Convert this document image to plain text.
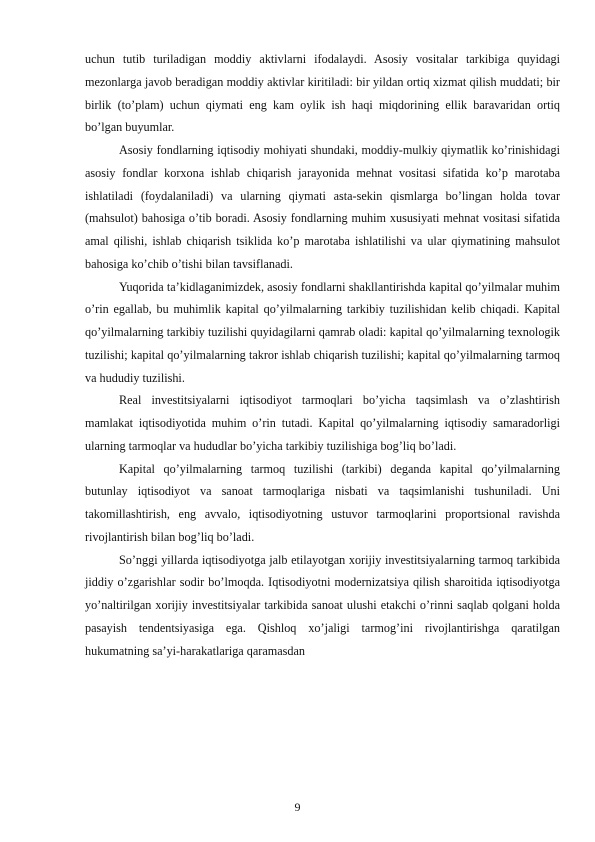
uchun tutib turiladigan moddiy aktivlarni ifodalaydi. Asosiy vositalar tarkibiga quyidagi mezonlarga javob beradigan moddiy aktivlar kiritiladi: bir yildan ortiq xizmat qilish muddati; bir birlik (to’plam) uchun qiymati eng kam oylik ish haqi miqdorining ellik baravaridan ortiq bo’lgan buyumlar.

Asosiy fondlarning iqtisodiy mohiyati shundaki, moddiy-mulkiy qiymatlik ko’rinishidagi asosiy fondlar korxona ishlab chiqarish jarayonida mehnat vositasi sifatida ko’p marotaba ishlatiladi (foydalaniladi) va ularning qiymati asta-sekin qismlarga bo’lingan holda tovar (mahsulot) bahosiga o’tib boradi. Asosiy fondlarning muhim xususiyati mehnat vositasi sifatida amal qilishi, ishlab chiqarish tsiklida ko’p marotaba ishlatilishi va ular qiymatining mahsulot bahosiga ko’chib o’tishi bilan tavsiflanadi.

Yuqorida ta’kidlaganimizdek, asosiy fondlarni shakllantirishda kapital qo’yilmalar muhim o’rin egallab, bu muhimlik kapital qo’yilmalarning tarkibiy tuzilishidan kelib chiqadi. Kapital qo’yilmalarning tarkibiy tuzilishi quyidagilarni qamrab oladi: kapital qo’yilmalarning texnologik tuzilishi; kapital qo’yilmalarning takror ishlab chiqarish tuzilishi; kapital qo’yilmalarning tarmoq va hududiy tuzilishi.

Real investitsiyalarni iqtisodiyot tarmoqlari bo’yicha taqsimlash va o’zlashtirish mamlakat iqtisodiyotida muhim o’rin tutadi. Kapital qo’yilmalarning iqtisodiy samaradorligi ularning tarmoqlar va hududlar bo’yicha tarkibiy tuzilishiga bog’liq bo’ladi.

Kapital qo’yilmalarning tarmoq tuzilishi (tarkibi) deganda kapital qo’yilmalarning butunlay iqtisodiyot va sanoat tarmoqlariga nisbati va taqsimlanishi tushuniladi. Uni takomillashtirish, eng avvalo, iqtisodiyotning ustuvor tarmoqlarini proportsional ravishda rivojlantirish bilan bog’liq bo’ladi.

So’nggi yillarda iqtisodiyotga jalb etilayotgan xorijiy investitsiyalarning tarmoq tarkibida jiddiy o’zgarishlar sodir bo’lmoqda. Iqtisodiyotni modernizatsiya qilish sharoitida iqtisodiyotga yo’naltirilgan xorijiy investitsiyalar tarkibida sanoat ulushi etakchi o’rinni saqlab qolgani holda pasayish tendentsiyasiga ega. Qishloq xo’jaligi tarmog’ini rivojlantirishga qaratilgan hukumatning sa’yi-harakatlariga qaramasdan

9
